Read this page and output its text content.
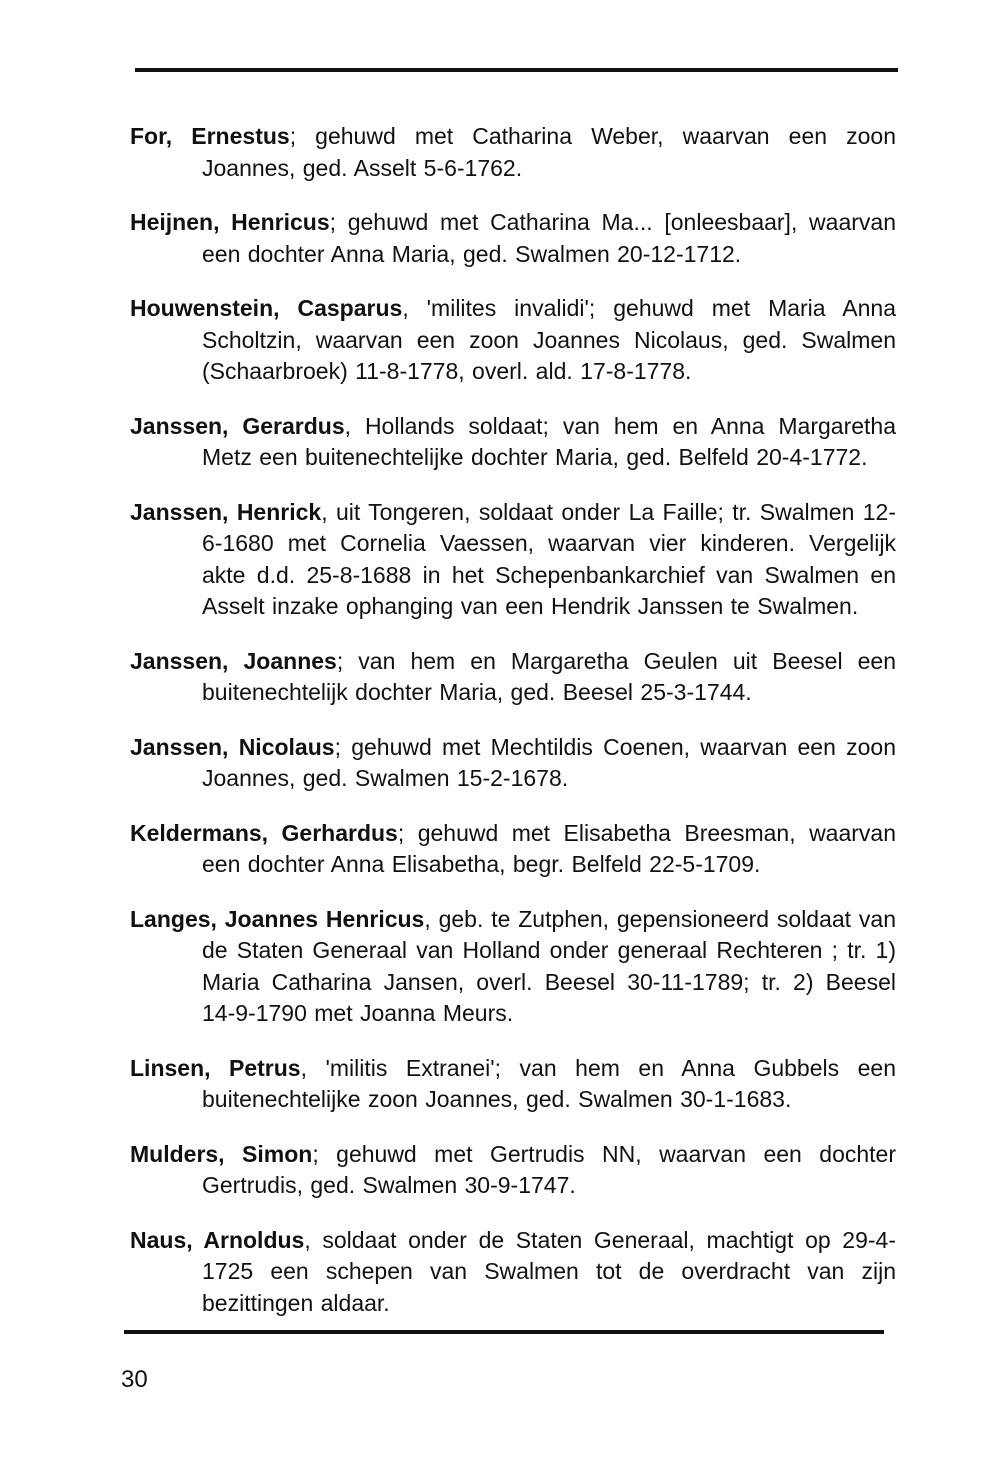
For, Ernestus; gehuwd met Catharina Weber, waarvan een zoon Joannes, ged. Asselt 5-6-1762.

Heijnen, Henricus; gehuwd met Catharina Ma... [onleesbaar], waarvan een dochter Anna Maria, ged. Swalmen 20-12-1712.

Houwenstein, Casparus, 'milites invalidi'; gehuwd met Maria Anna Scholtzin, waarvan een zoon Joannes Nicolaus, ged. Swalmen (Schaarbroek) 11-8-1778, overl. ald. 17-8-1778.

Janssen, Gerardus, Hollands soldaat; van hem en Anna Margaretha Metz een buitenechtelijke dochter Maria, ged. Belfeld 20-4-1772.

Janssen, Henrick, uit Tongeren, soldaat onder La Faille; tr. Swalmen 12-6-1680 met Cornelia Vaessen, waarvan vier kinderen. Vergelijk akte d.d. 25-8-1688 in het Schepenbankarchief van Swalmen en Asselt inzake ophanging van een Hendrik Janssen te Swalmen.

Janssen, Joannes; van hem en Margaretha Geulen uit Beesel een buitenechtelijk dochter Maria, ged. Beesel 25-3-1744.

Janssen, Nicolaus; gehuwd met Mechtildis Coenen, waarvan een zoon Joannes, ged. Swalmen 15-2-1678.

Keldermans, Gerhardus; gehuwd met Elisabetha Breesman, waarvan een dochter Anna Elisabetha, begr. Belfeld 22-5-1709.

Langes, Joannes Henricus, geb. te Zutphen, gepensioneerd soldaat van de Staten Generaal van Holland onder generaal Rechteren ; tr. 1) Maria Catharina Jansen, overl. Beesel 30-11-1789; tr. 2) Beesel 14-9-1790 met Joanna Meurs.

Linsen, Petrus, 'militis Extranei'; van hem en Anna Gubbels een buitenechtelijke zoon Joannes, ged. Swalmen 30-1-1683.

Mulders, Simon; gehuwd met Gertrudis NN, waarvan een dochter Gertrudis, ged. Swalmen 30-9-1747.

Naus, Arnoldus, soldaat onder de Staten Generaal, machtigt op 29-4-1725 een schepen van Swalmen tot de overdracht van zijn bezittingen aldaar.

30
